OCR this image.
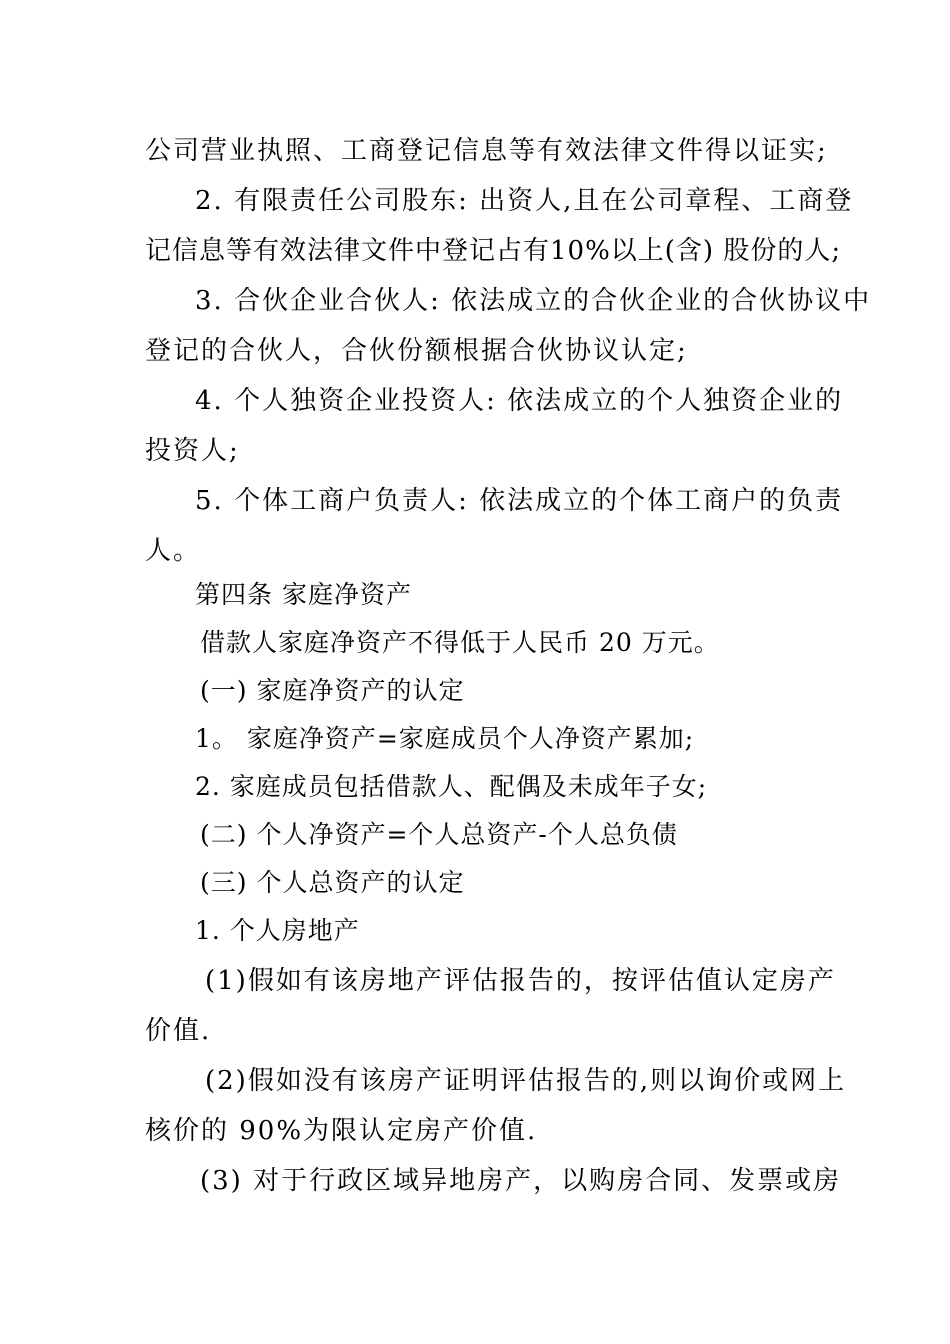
公司营业执照、工商登记信息等有效法律文件得以证实;
2. 有限责任公司股东: 出资人,且在公司章程、工商登
记信息等有效法律文件中登记占有10%以上(含) 股份的人;
3. 合伙企业合伙人: 依法成立的合伙企业的合伙协议中
登记的合伙人，合伙份额根据合伙协议认定;
4. 个人独资企业投资人: 依法成立的个人独资企业的
投资人;
5. 个体工商户负责人: 依法成立的个体工商户的负责
人。
第四条 家庭净资产
借款人家庭净资产不得低于人民币 20 万元。
(一) 家庭净资产的认定
1。 家庭净资产=家庭成员个人净资产累加;
2. 家庭成员包括借款人、配偶及未成年子女;
(二) 个人净资产=个人总资产-个人总负债
(三) 个人总资产的认定
1. 个人房地产
(1)假如有该房地产评估报告的，按评估值认定房产
价值.
(2)假如没有该房产证明评估报告的,则以询价或网上
核价的 90%为限认定房产价值.
(3) 对于行政区域异地房产，以购房合同、发票或房
